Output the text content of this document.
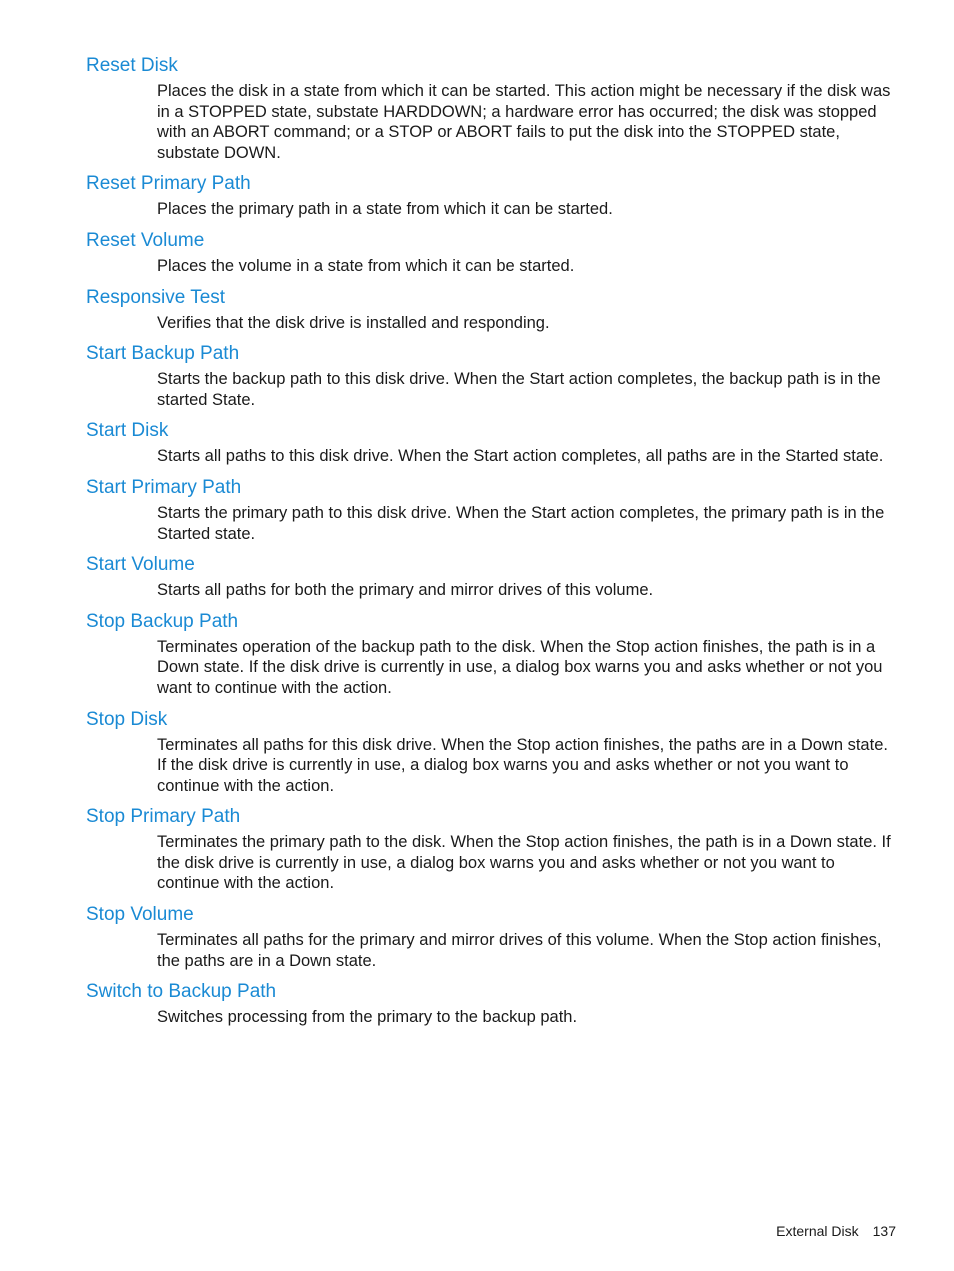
Reset Disk

Places the disk in a state from which it can be started. This action might be necessary if the disk was in a STOPPED state, substate HARDDOWN; a hardware error has occurred; the disk was stopped with an ABORT command; or a STOP or ABORT fails to put the disk into the STOPPED state, substate DOWN.

Reset Primary Path

Places the primary path in a state from which it can be started.

Reset Volume

Places the volume in a state from which it can be started.

Responsive Test

Verifies that the disk drive is installed and responding.

Start Backup Path

Starts the backup path to this disk drive. When the Start action completes, the backup path is in the started State.

Start Disk

Starts all paths to this disk drive. When the Start action completes, all paths are in the Started state.

Start Primary Path

Starts the primary path to this disk drive. When the Start action completes, the primary path is in the Started state.

Start Volume

Starts all paths for both the primary and mirror drives of this volume.

Stop Backup Path

Terminates operation of the backup path to the disk. When the Stop action finishes, the path is in a Down state. If the disk drive is currently in use, a dialog box warns you and asks whether or not you want to continue with the action.

Stop Disk

Terminates all paths for this disk drive. When the Stop action finishes, the paths are in a Down state. If the disk drive is currently in use, a dialog box warns you and asks whether or not you want to continue with the action.

Stop Primary Path

Terminates the primary path to the disk. When the Stop action finishes, the path is in a Down state. If the disk drive is currently in use, a dialog box warns you and asks whether or not you want to continue with the action.

Stop Volume

Terminates all paths for the primary and mirror drives of this volume. When the Stop action finishes, the paths are in a Down state.

Switch to Backup Path

Switches processing from the primary to the backup path.

External Disk 137
